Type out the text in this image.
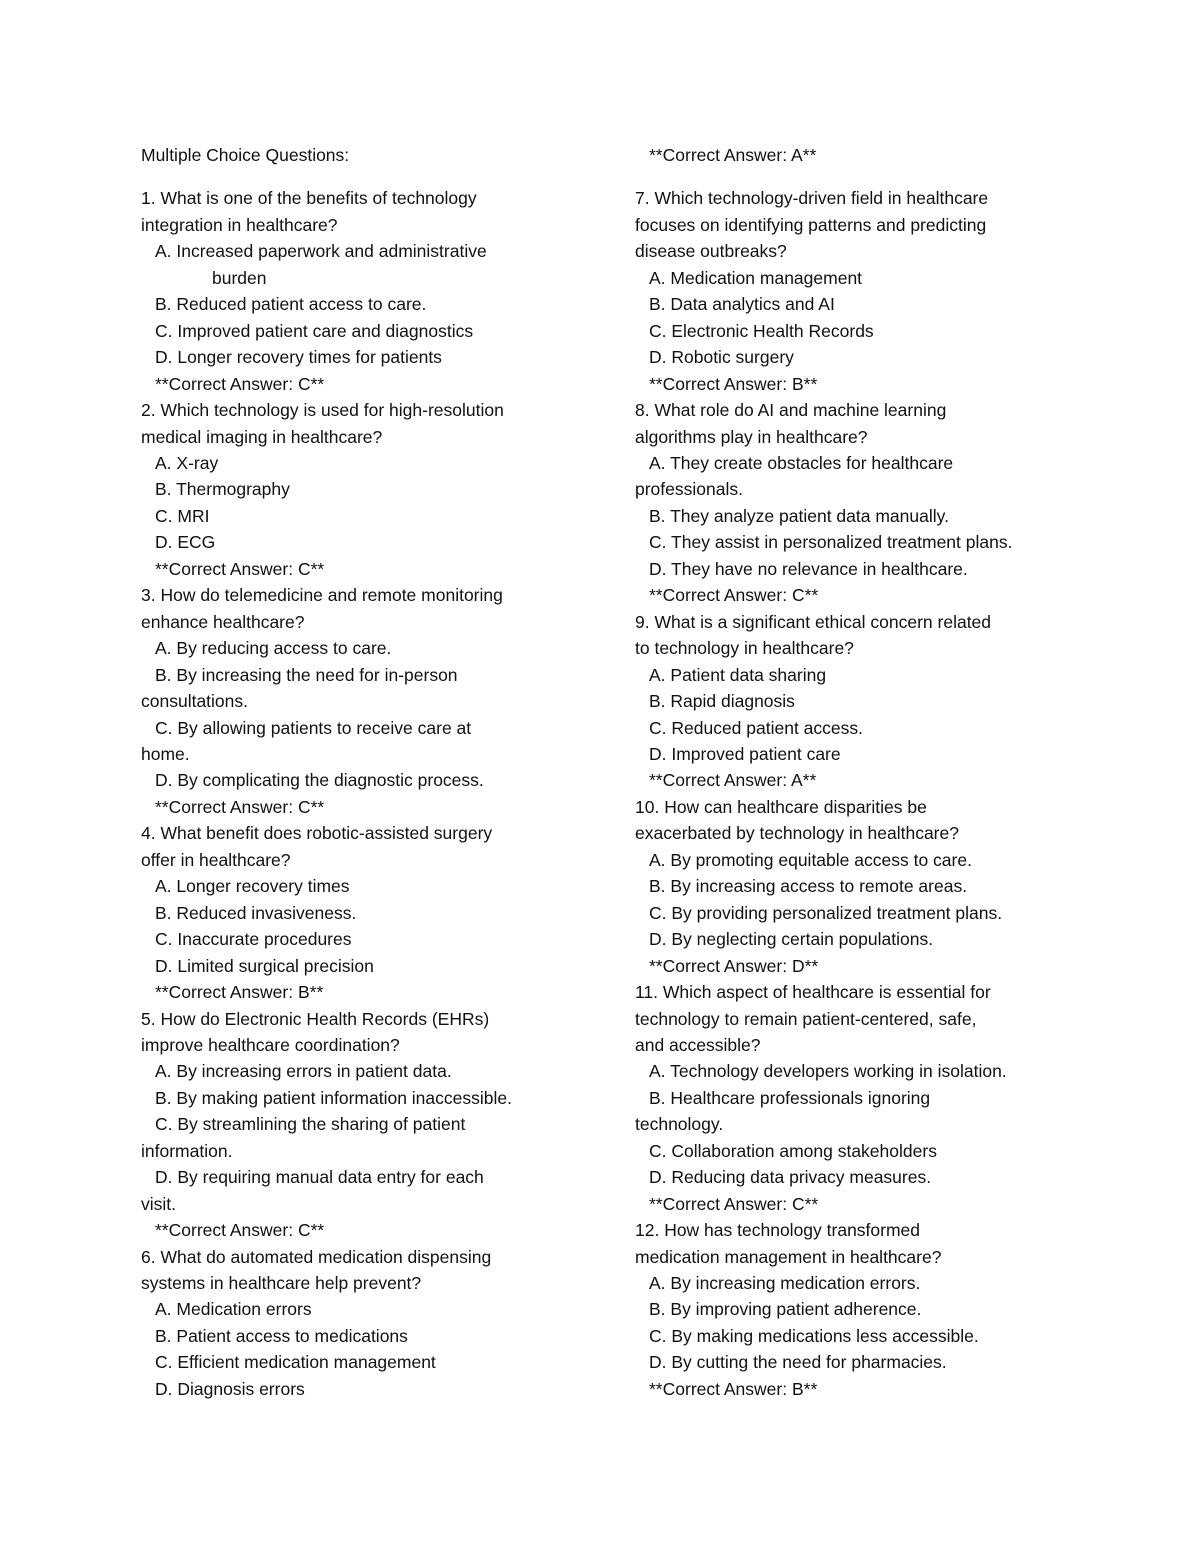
Multiple Choice Questions:
1. What is one of the benefits of technology
integration in healthcare?
A. Increased paperwork and administrative
burden
B. Reduced patient access to care.
C. Improved patient care and diagnostics
D. Longer recovery times for patients
**Correct Answer: C**
2. Which technology is used for high-resolution
medical imaging in healthcare?
A. X-ray
B. Thermography
C. MRI
D. ECG
**Correct Answer: C**
3. How do telemedicine and remote monitoring
enhance healthcare?
A. By reducing access to care.
B. By increasing the need for in-person
consultations.
C. By allowing patients to receive care at
home.
D. By complicating the diagnostic process.
**Correct Answer: C**
4. What benefit does robotic-assisted surgery
offer in healthcare?
A. Longer recovery times
B. Reduced invasiveness.
C. Inaccurate procedures
D. Limited surgical precision
**Correct Answer: B**
5. How do Electronic Health Records (EHRs)
improve healthcare coordination?
A. By increasing errors in patient data.
B. By making patient information inaccessible.
C. By streamlining the sharing of patient
information.
D. By requiring manual data entry for each
visit.
**Correct Answer: C**
6. What do automated medication dispensing
systems in healthcare help prevent?
A. Medication errors
B. Patient access to medications
C. Efficient medication management
D. Diagnosis errors
**Correct Answer: A**
7. Which technology-driven field in healthcare
focuses on identifying patterns and predicting
disease outbreaks?
A. Medication management
B. Data analytics and AI
C. Electronic Health Records
D. Robotic surgery
**Correct Answer: B**
8. What role do AI and machine learning
algorithms play in healthcare?
A. They create obstacles for healthcare
professionals.
B. They analyze patient data manually.
C. They assist in personalized treatment plans.
D. They have no relevance in healthcare.
**Correct Answer: C**
9. What is a significant ethical concern related
to technology in healthcare?
A. Patient data sharing
B. Rapid diagnosis
C. Reduced patient access.
D. Improved patient care
**Correct Answer: A**
10. How can healthcare disparities be
exacerbated by technology in healthcare?
A. By promoting equitable access to care.
B. By increasing access to remote areas.
C. By providing personalized treatment plans.
D. By neglecting certain populations.
**Correct Answer: D**
11. Which aspect of healthcare is essential for
technology to remain patient-centered, safe,
and accessible?
A. Technology developers working in isolation.
B. Healthcare professionals ignoring
technology.
C. Collaboration among stakeholders
D. Reducing data privacy measures.
**Correct Answer: C**
12. How has technology transformed
medication management in healthcare?
A. By increasing medication errors.
B. By improving patient adherence.
C. By making medications less accessible.
D. By cutting the need for pharmacies.
**Correct Answer: B**
